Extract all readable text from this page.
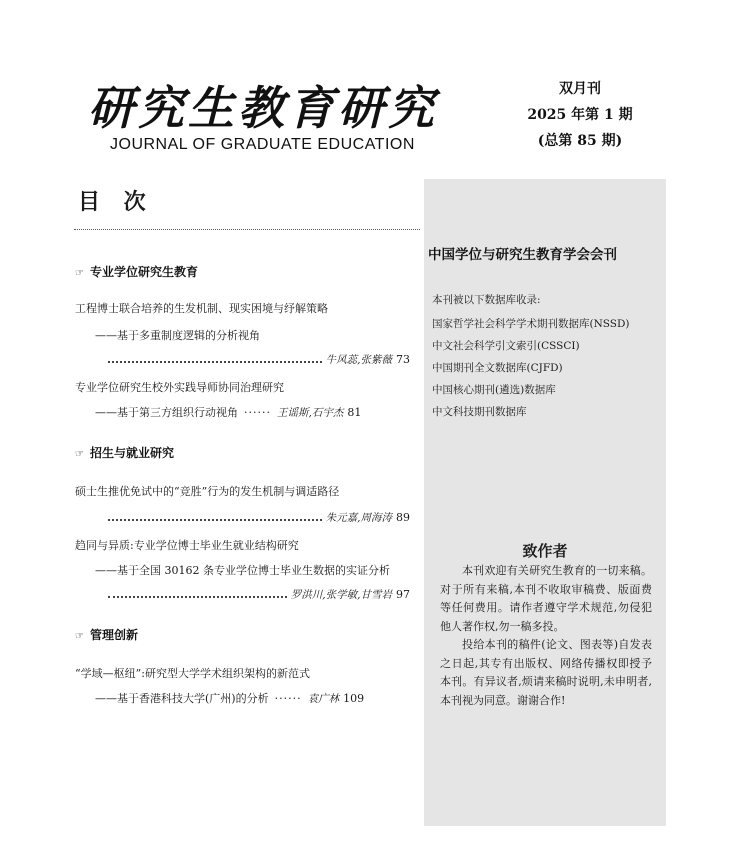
研究生教育研究
JOURNAL OF GRADUATE EDUCATION
双月刊
2025 年第 1 期
(总第 85 期)
目 次
☞ 专业学位研究生教育
工程博士联合培养的生发机制、现实困境与纾解策略
——基于多重制度逻辑的分析视角
牛风蕊,张紫薇 73
专业学位研究生校外实践导师协同治理研究
——基于第三方组织行动视角 ······ 王谣斯,石宇杰 81
☞ 招生与就业研究
硕士生推优免试中的“竞胜”行为的发生机制与调适路径
朱元嘉,周海涛 89
趋同与异质:专业学位博士毕业生就业结构研究
——基于全国 30162 条专业学位博士毕业生数据的实证分析
罗洪川,张学敏,甘雪岩 97
☞ 管理创新
“学域—枢纽”:研究型大学学术组织架构的新范式
——基于香港科技大学(广州)的分析 ······ 袁广林 109
中国学位与研究生教育学会会刊
本刊被以下数据库收录:
国家哲学社会科学学术期刊数据库(NSSD)
中文社会科学引文索引(CSSCI)
中国期刊全文数据库(CJFD)
中国核心期刊(遴选)数据库
中文科技期刊数据库
致作者

本刊欢迎有关研究生教育的一切来稿。对于所有来稿,本刊不收取审稿费、版面费等任何费用。请作者遵守学术规范,勿侵犯他人著作权,勿一稿多投。

投给本刊的稿件(论文、图表等)自发表之日起,其专有出版权、网络传播权即授予本刊。有异议者,烦请来稿时说明,未申明者,本刊视为同意。谢谢合作!
